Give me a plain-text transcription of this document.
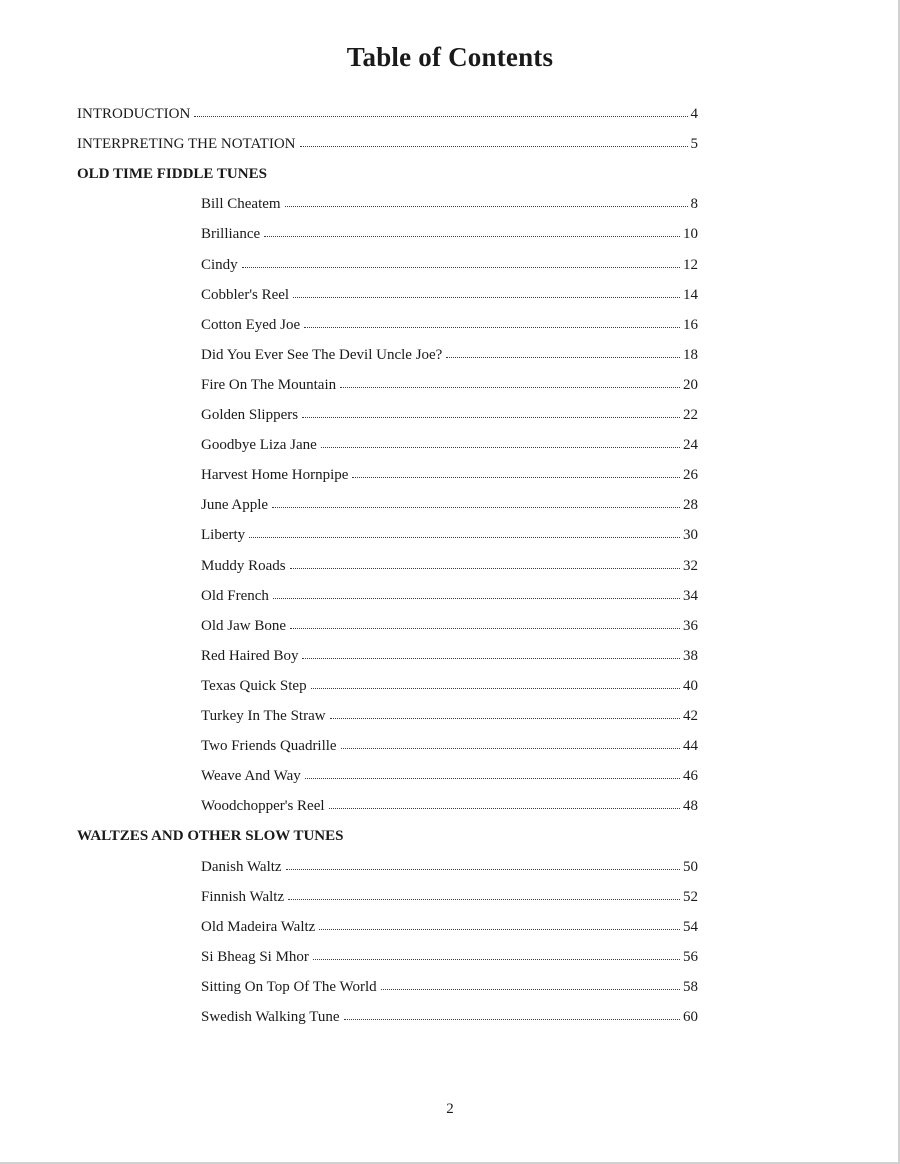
Table of Contents
INTRODUCTION	4
INTERPRETING THE NOTATION	5
OLD TIME FIDDLE TUNES
Bill Cheatem	8
Brilliance	10
Cindy	12
Cobbler's Reel	14
Cotton Eyed Joe	16
Did You Ever See The Devil Uncle Joe?	18
Fire On The Mountain	20
Golden Slippers	22
Goodbye Liza Jane	24
Harvest Home Hornpipe	26
June Apple	28
Liberty	30
Muddy Roads	32
Old French	34
Old Jaw Bone	36
Red Haired Boy	38
Texas Quick Step	40
Turkey In The Straw	42
Two Friends Quadrille	44
Weave And Way	46
Woodchopper's Reel	48
WALTZES AND OTHER SLOW TUNES
Danish Waltz	50
Finnish Waltz	52
Old Madeira Waltz	54
Si Bheag Si Mhor	56
Sitting On Top Of The World	58
Swedish Walking Tune	60
2
